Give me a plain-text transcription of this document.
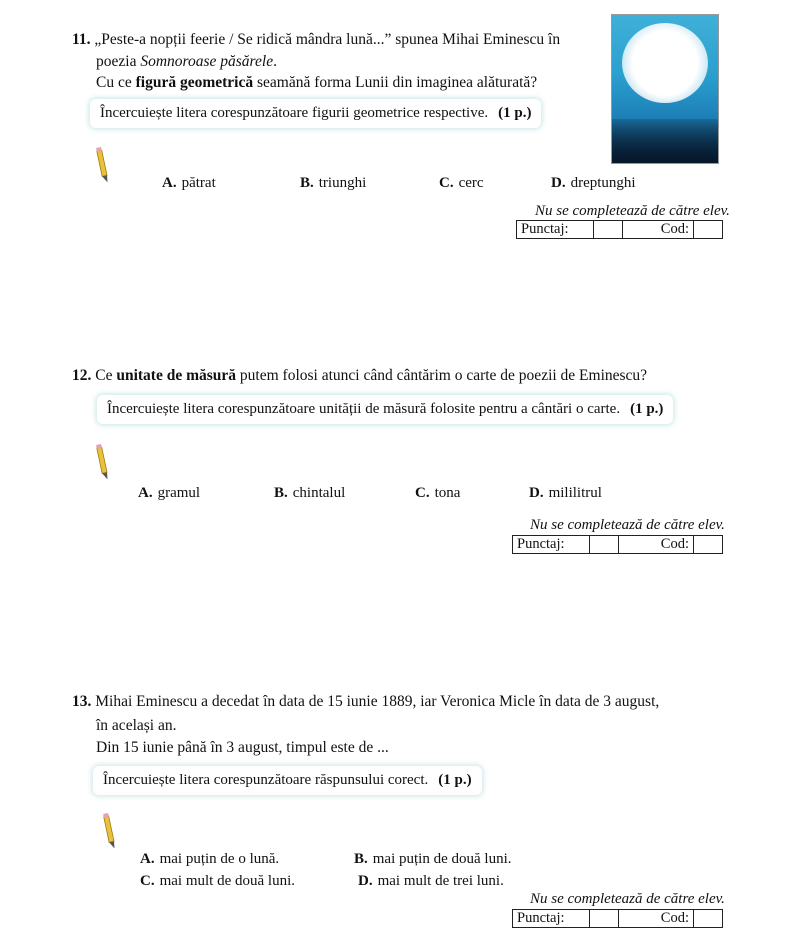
11. „Peste-a nopții feerie / Se ridică mândra lună...” spunea Mihai Eminescu în
poezia Somnoroase păsărele.
Cu ce figură geometrică seamănă forma Lunii din imaginea alăturată?
Încercuiește litera corespunzătoare figurii geometrice respective. (1 p.)
A. pătrat	B. triunghi	C. cerc	D. dreptunghi
Nu se completează de către elev.
Punctaj:		Cod:	
12. Ce unitate de măsură putem folosi atunci când cântărim o carte de poezii de Eminescu?
Încercuiește litera corespunzătoare unității de măsură folosite pentru a cântări o carte. (1 p.)
A. gramul	B. chintalul	C. tona	D. mililitrul
Nu se completează de către elev.
Punctaj:		Cod:	
13. Mihai Eminescu a decedat în data de 15 iunie 1889, iar Veronica Micle în data de 3 august,
în același an.
Din 15 iunie până în 3 august, timpul este de ...
Încercuiește litera corespunzătoare răspunsului corect. (1 p.)
A. mai puțin de o lună.	B. mai puțin de două luni.
C. mai mult de două luni.	D. mai mult de trei luni.
Nu se completează de către elev.
Punctaj:		Cod:	
